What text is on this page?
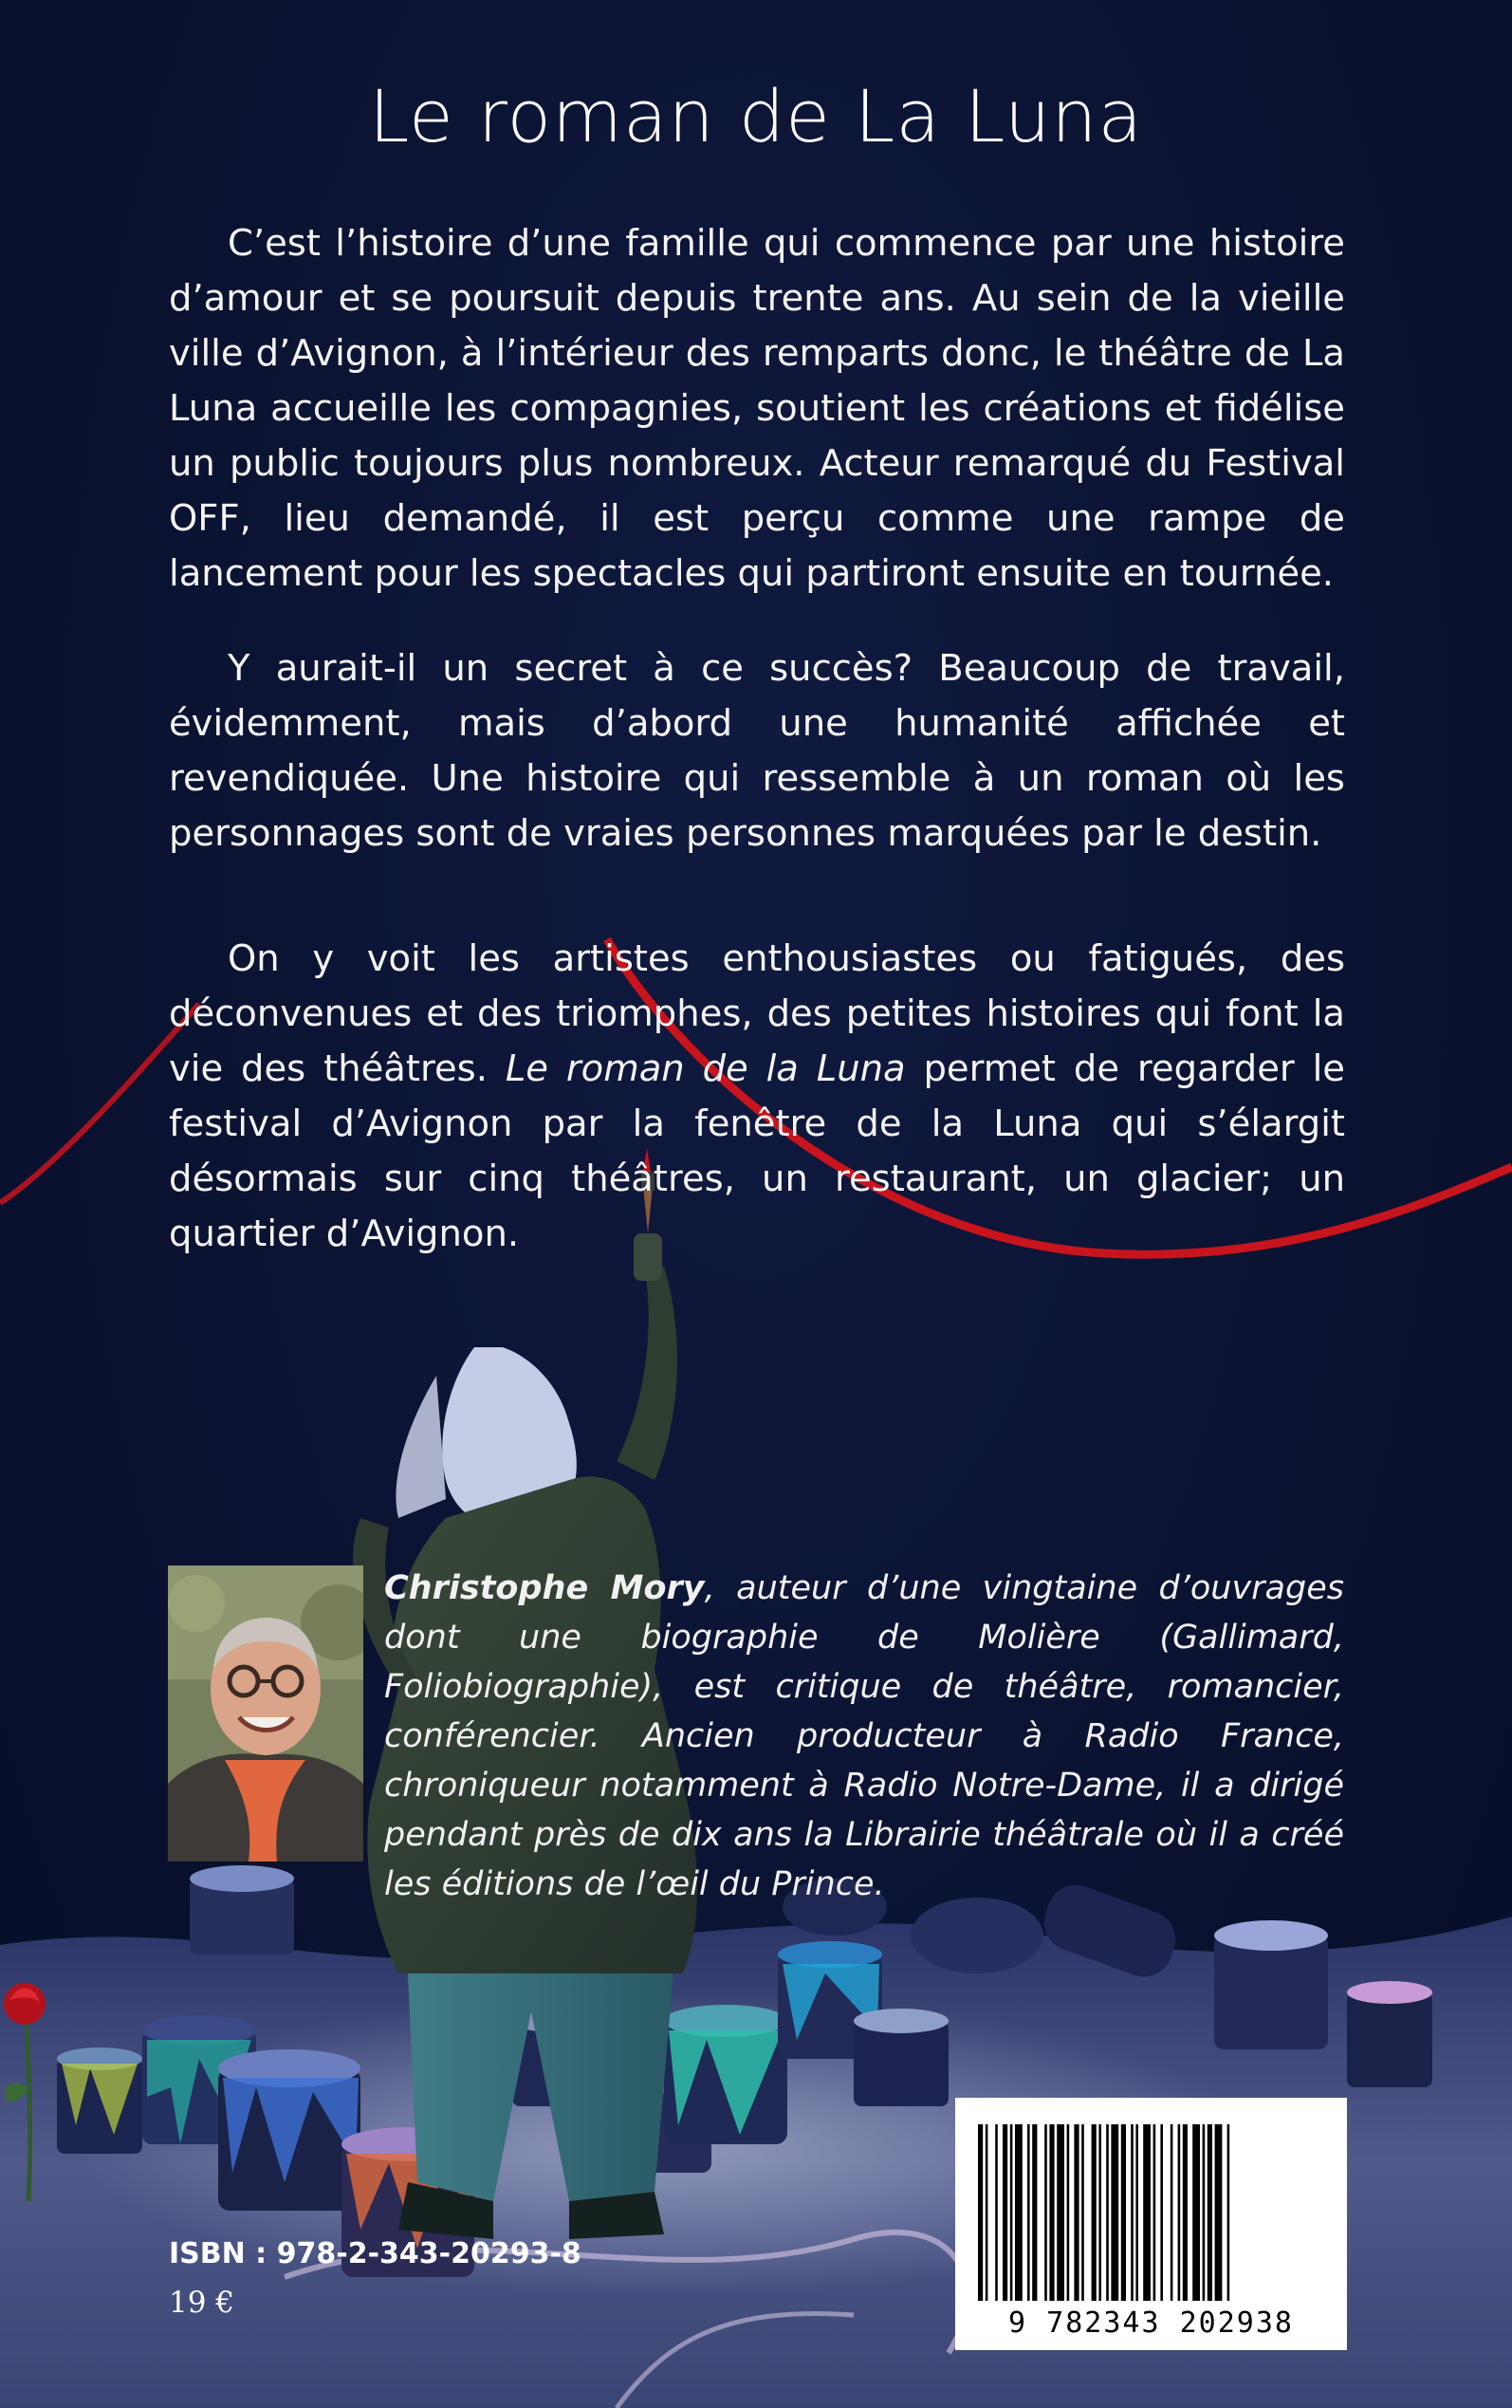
Le roman de La Luna

C’est l’histoire d’une famille qui commence par une histoire d’amour et se poursuit depuis trente ans. Au sein de la vieille ville d’Avignon, à l’intérieur des remparts donc, le théâtre de La Luna accueille les compagnies, soutient les créations et fidélise un public toujours plus nombreux. Acteur remarqué du Festival OFF, lieu demandé, il est perçu comme une rampe de lancement pour les spectacles qui partiront ensuite en tournée.

Y aurait-il un secret à ce succès? Beaucoup de travail, évidemment, mais d’abord une humanité affichée et revendiquée. Une histoire qui ressemble à un roman où les personnages sont de vraies personnes marquées par le destin.

On y voit les artistes enthousiastes ou fatigués, des déconvenues et des triomphes, des petites histoires qui font la vie des théâtres. Le roman de la Luna permet de regarder le festival d’Avignon par la fenêtre de la Luna qui s’élargit désormais sur cinq théâtres, un restaurant, un glacier; un quartier d’Avignon.

Christophe Mory, auteur d’une vingtaine d’ouvrages dont une biographie de Molière (Gallimard, Foliobiographie), est critique de théâtre, romancier, conférencier. Ancien producteur à Radio France, chroniqueur notamment à Radio Notre-Dame, il a dirigé pendant près de dix ans la Librairie théâtrale où il a créé les éditions de l’œil du Prince.
ISBN : 978-2-343-20293-8
19 €
9 782343 202938
